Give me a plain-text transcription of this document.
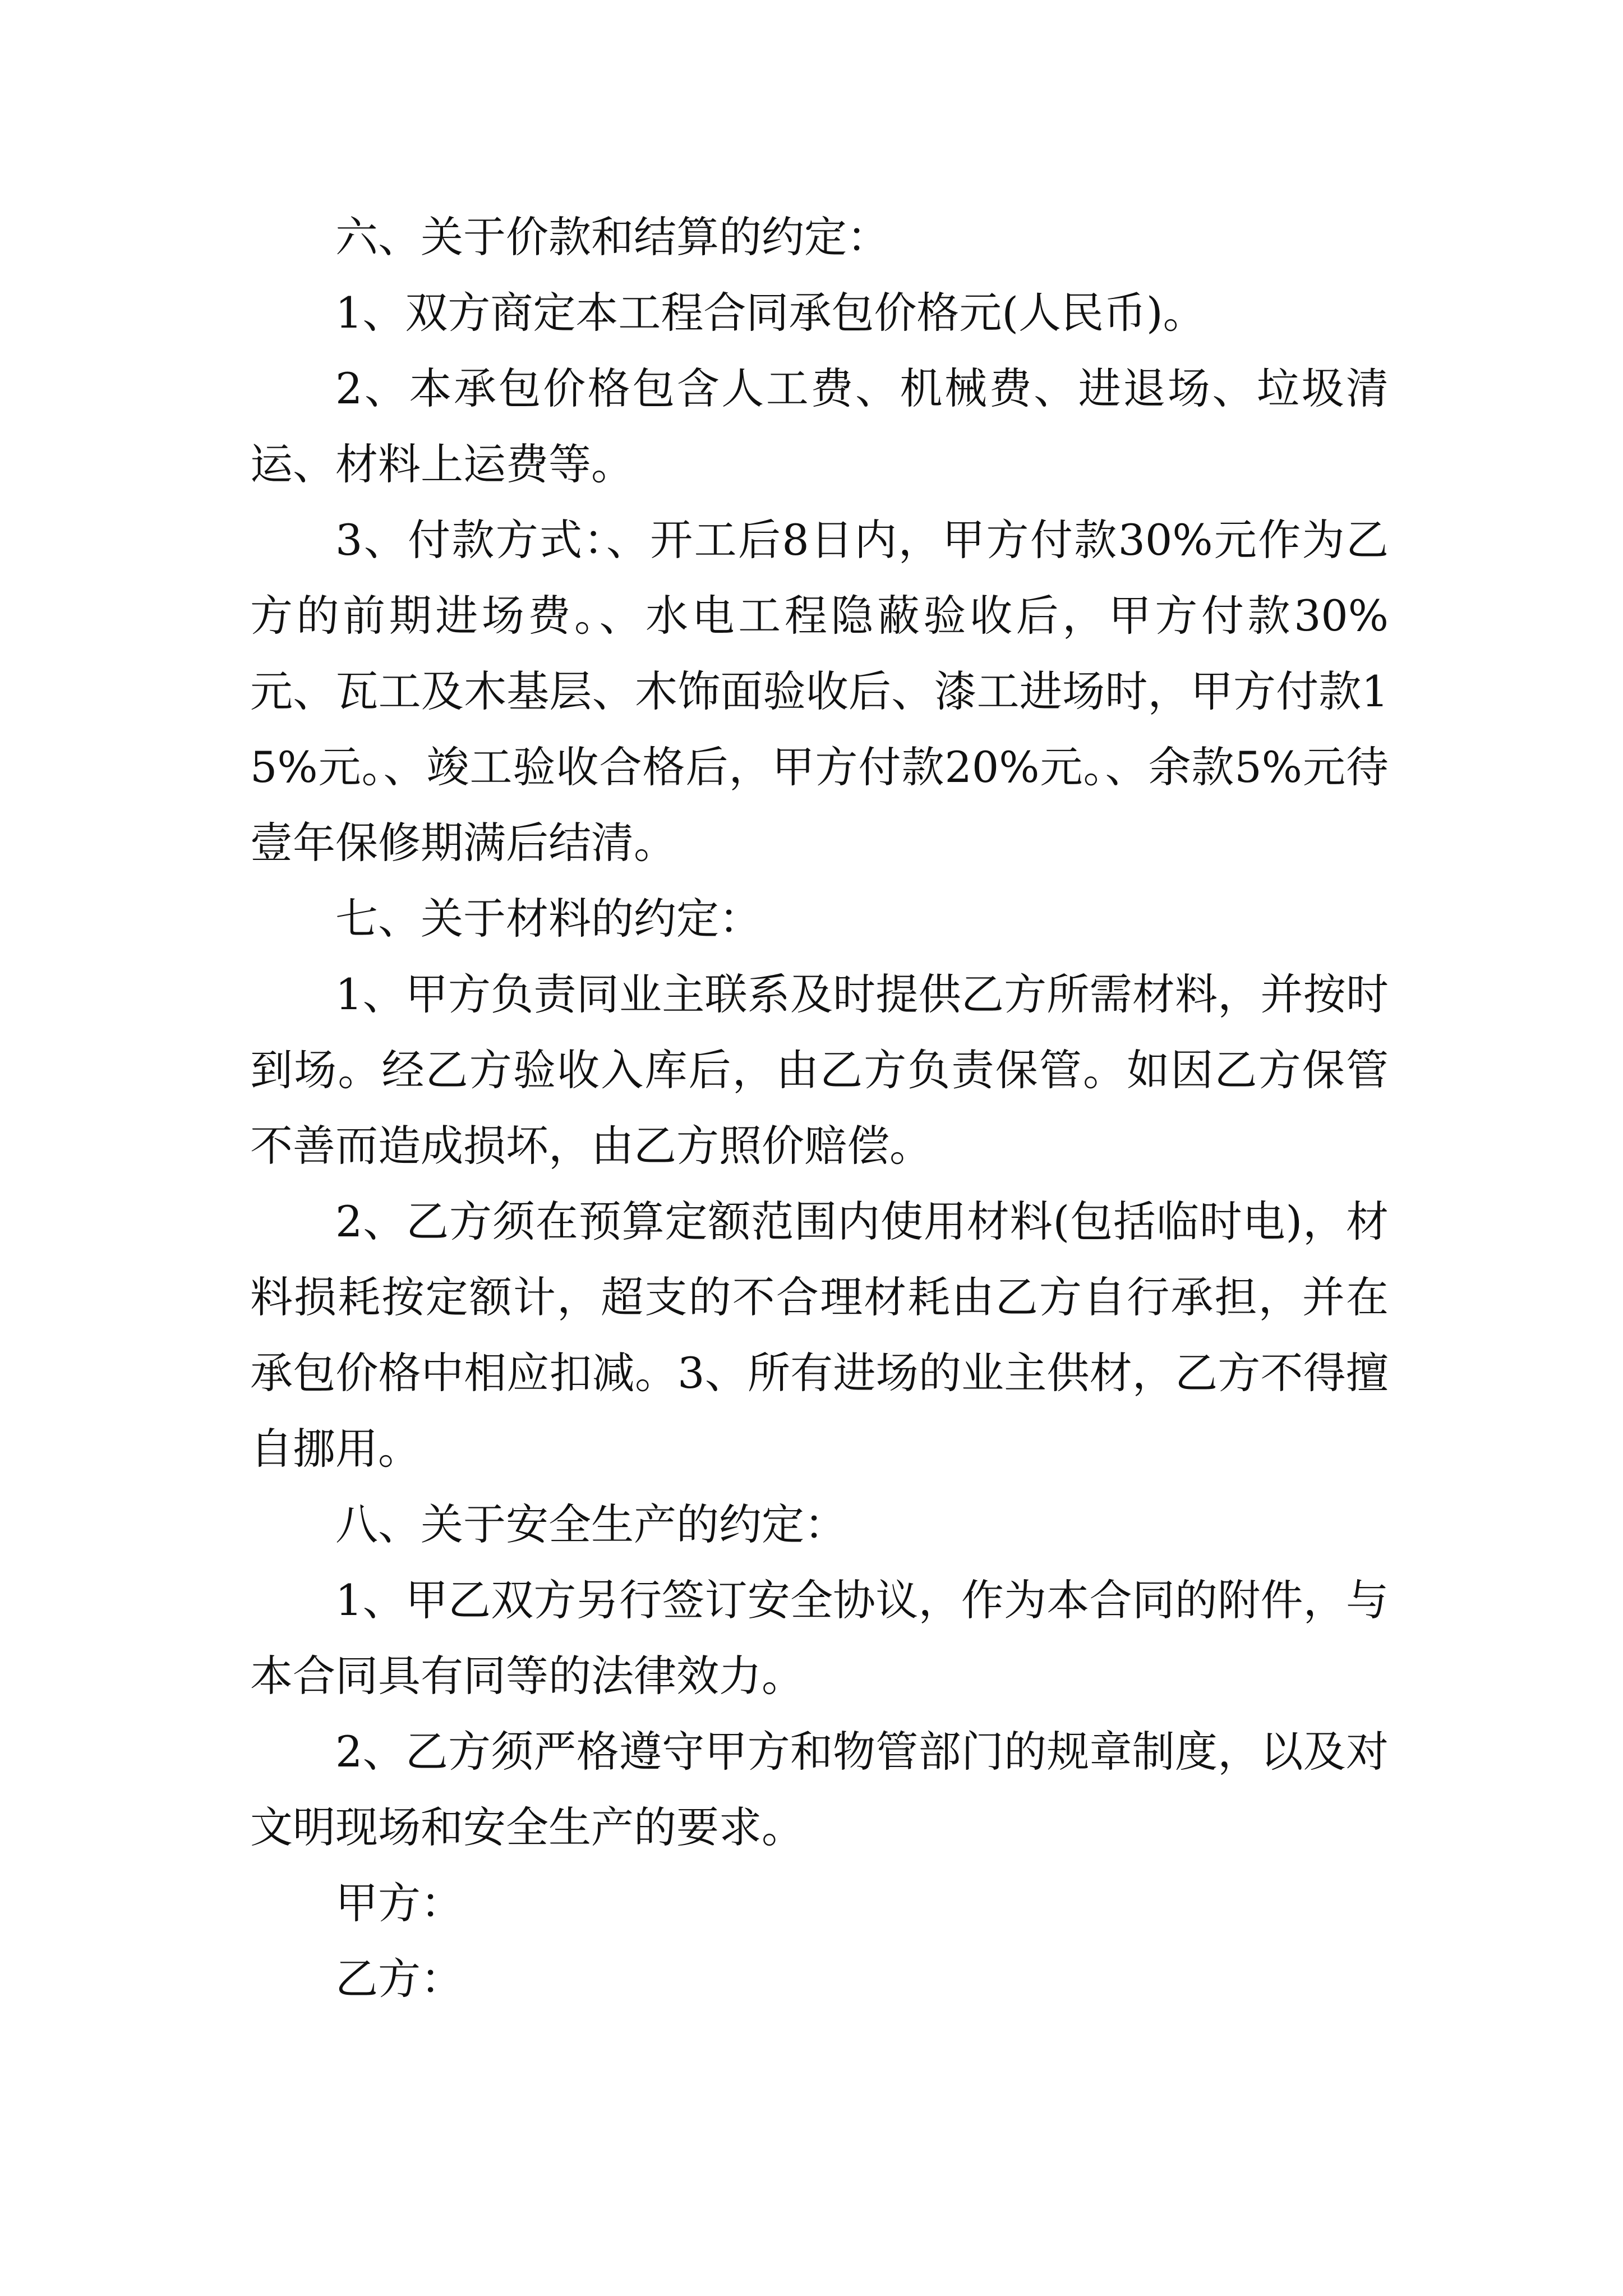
六、关于价款和结算的约定：

1、双方商定本工程合同承包价格元(人民币)。

2、本承包价格包含人工费、机械费、进退场、垃圾清运、材料上运费等。

3、付款方式：、开工后8日内，甲方付款30%元作为乙方的前期进场费。、水电工程隐蔽验收后，甲方付款30%元、瓦工及木基层、木饰面验收后、漆工进场时，甲方付款15%元。、竣工验收合格后，甲方付款20%元。、余款5%元待壹年保修期满后结清。

七、关于材料的约定：

1、甲方负责同业主联系及时提供乙方所需材料，并按时到场。经乙方验收入库后，由乙方负责保管。如因乙方保管不善而造成损坏，由乙方照价赔偿。

2、乙方须在预算定额范围内使用材料(包括临时电)，材料损耗按定额计，超支的不合理材耗由乙方自行承担，并在承包价格中相应扣减。3、所有进场的业主供材，乙方不得擅自挪用。

八、关于安全生产的约定：

1、甲乙双方另行签订安全协议，作为本合同的附件，与本合同具有同等的法律效力。

2、乙方须严格遵守甲方和物管部门的规章制度，以及对文明现场和安全生产的要求。

甲方：

乙方：
